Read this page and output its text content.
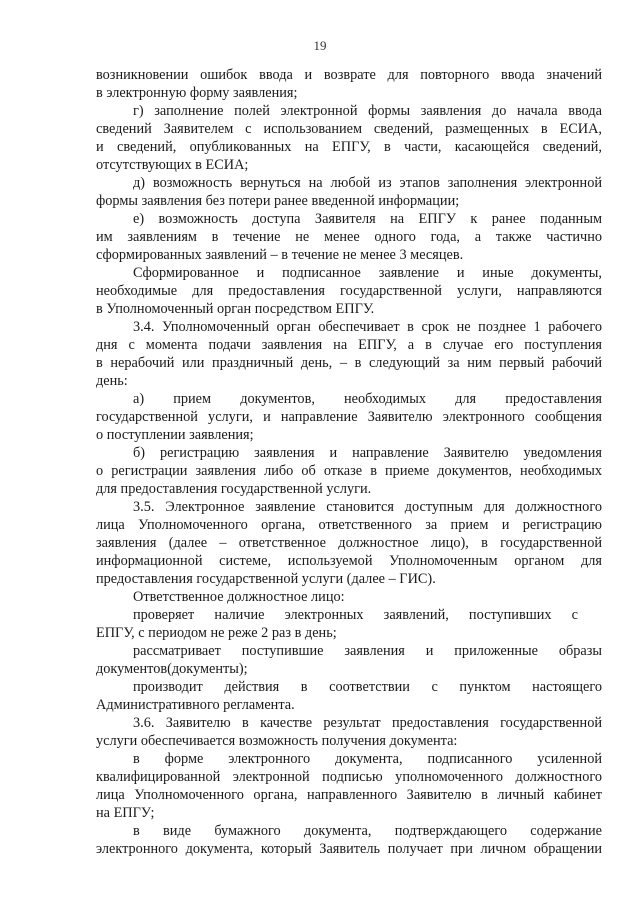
19
возникновении ошибок ввода и возврате для повторного ввода значений
в электронную форму заявления;
г) заполнение полей электронной формы заявления до начала ввода
сведений Заявителем с использованием сведений, размещенных в ЕСИА,
и сведений, опубликованных на ЕПГУ, в части, касающейся сведений,
отсутствующих в ЕСИА;
д) возможность вернуться на любой из этапов заполнения электронной
формы заявления без потери ранее введенной информации;
е) возможность доступа Заявителя на ЕПГУ к ранее поданным
им заявлениям в течение не менее одного года, а также частично
сформированных заявлений – в течение не менее 3 месяцев.
Сформированное и подписанное заявление и иные документы,
необходимые для предоставления государственной услуги, направляются
в Уполномоченный орган посредством ЕПГУ.
3.4. Уполномоченный орган обеспечивает в срок не позднее 1 рабочего
дня с момента подачи заявления на ЕПГУ, а в случае его поступления
в нерабочий или праздничный день, – в следующий за ним первый рабочий
день:
а) прием документов, необходимых для предоставления
государственной услуги, и направление Заявителю электронного сообщения
о поступлении заявления;
б) регистрацию заявления и направление Заявителю уведомления
о регистрации заявления либо об отказе в приеме документов, необходимых
для предоставления государственной услуги.
3.5. Электронное заявление становится доступным для должностного
лица Уполномоченного органа, ответственного за прием и регистрацию
заявления (далее – ответственное должностное лицо), в государственной
информационной системе, используемой Уполномоченным органом для
предоставления государственной услуги (далее – ГИС).
Ответственное должностное лицо:
проверяет наличие электронных заявлений, поступивших с
ЕПГУ, с периодом не реже 2 раз в день;
рассматривает поступившие заявления и приложенные образы
документов(документы);
производит действия в соответствии с пунктом настоящего
Административного регламента.
3.6. Заявителю в качестве результат предоставления государственной
услуги обеспечивается возможность получения документа:
в форме электронного документа, подписанного усиленной
квалифицированной электронной подписью уполномоченного должностного
лица Уполномоченного органа, направленного Заявителю в личный кабинет
на ЕПГУ;
в виде бумажного документа, подтверждающего содержание
электронного документа, который Заявитель получает при личном обращении
